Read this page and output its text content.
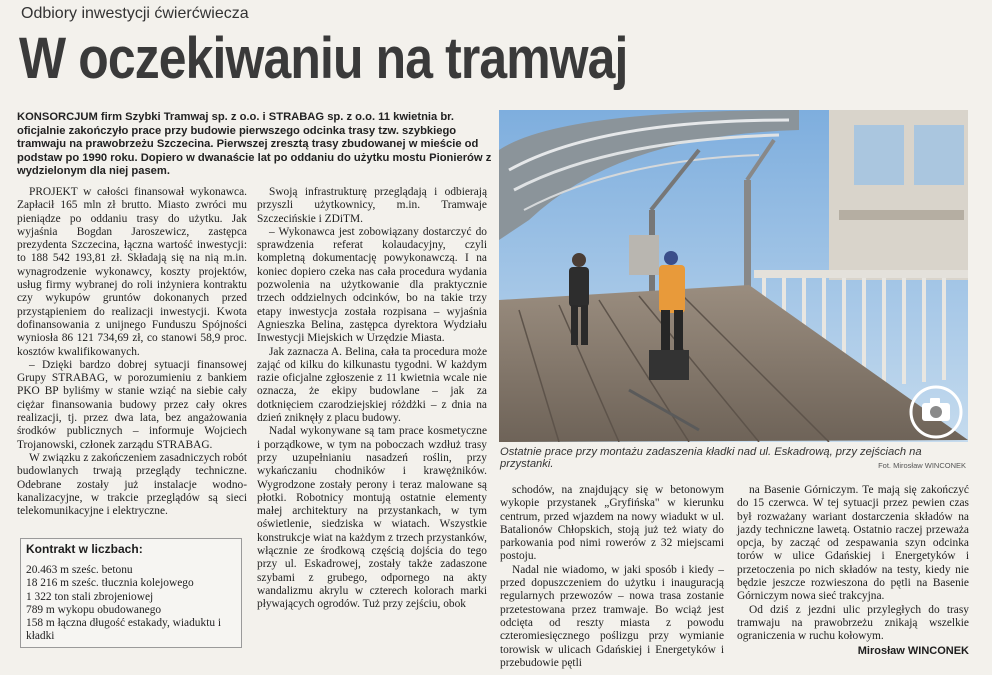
Odbiory inwestycji ćwierćwiecza
W oczekiwaniu na tramwaj

KONSORCJUM firm Szybki Tramwaj sp. z o.o. i STRABAG sp. z o.o. 11 kwietnia br. oficjalnie zakończyło prace przy budowie pierwszego odcinka trasy tzw. szybkiego tramwaju na prawobrzeżu Szczecina. Pierwszej zresztą trasy zbudowanej w mieście od podstaw po 1990 roku. Dopiero w dwanaście lat po oddaniu do użytku mostu Pionierów z wydzielonym dla niej pasem.

PROJEKT w całości finansował wykonawca. Zapłacił 165 mln zł brutto. Miasto zwróci mu pieniądze po oddaniu trasy do użytku. Jak wyjaśnia Bogdan Jaroszewicz, zastępca prezydenta Szczecina, łączna wartość inwestycji: to 188 542 193,81 zł. Składają się na nią m.in. wynagrodzenie wykonawcy, koszty projektów, usług firmy wybranej do roli inżyniera kontraktu czy wykupów gruntów dokonanych przed przystąpieniem do realizacji inwestycji. Kwota dofinansowania z unijnego Funduszu Spójności wyniosła 86 121 734,69 zł, co stanowi 58,9 proc. kosztów kwalifikowanych.

– Dzięki bardzo dobrej sytuacji finansowej Grupy STRABAG, w porozumieniu z bankiem PKO BP byliśmy w stanie wziąć na siebie cały ciężar finansowania budowy przez cały okres realizacji, tj. przez dwa lata, bez angażowania środków publicznych – informuje Wojciech Trojanowski, członek zarządu STRABAG.

W związku z zakończeniem zasadniczych robót budowlanych trwają przeglądy techniczne. Odebrane zostały już instalacje wodno-kanalizacyjne, w trakcie przeglądów są sieci telekomunikacyjne i elektryczne.

Kontrakt w liczbach:

20.463 m sześc. betonu

18 216 m sześc. tłucznia kolejowego

1 322 ton stali zbrojeniowej

789 m wykopu obudowanego

158 m łączna długość estakady, wiaduktu i kładki

Swoją infrastrukturę przeglądają i odbierają przyszli użytkownicy, m.in. Tramwaje Szczecińskie i ZDiTM.

– Wykonawca jest zobowiązany dostarczyć do sprawdzenia referat kolaudacyjny, czyli kompletną dokumentację powykonawczą. I na koniec dopiero czeka nas cała procedura wydania pozwolenia na użytkowanie dla praktycznie trzech oddzielnych odcinków, bo na takie trzy etapy inwestycja została rozpisana – wyjaśnia Agnieszka Belina, zastępca dyrektora Wydziału Inwestycji Miejskich w Urzędzie Miasta.

Jak zaznacza A. Belina, cała ta procedura może zająć od kilku do kilkunastu tygodni. W każdym razie oficjalne zgłoszenie z 11 kwietnia wcale nie oznacza, że ekipy budowlane – jak za dotknięciem czarodziejskiej różdżki – z dnia na dzień zniknęły z placu budowy.

Nadal wykonywane są tam prace kosmetyczne i porządkowe, w tym na poboczach wzdłuż trasy przy uzupełnianiu nasadzeń roślin, przy wykańczaniu chodników i krawężników. Wygrodzone zostały perony i teraz malowane są płotki. Robotnicy montują ostatnie elementy małej architektury na przystankach, w tym oświetlenie, siedziska w wiatach. Wszystkie konstrukcje wiat na każdym z trzech przystanków, włącznie ze środkową częścią dojścia do tego przy ul. Eskadrowej, zostały także zadaszone szybami z grubego, odpornego na akty wandalizmu akrylu w czterech kolorach marki pływających ogrodów. Tuż przy zejściu, obok

Ostatnie prace przy montażu zadaszenia kładki nad ul. Eskadrową, przy zejściach na przystanki.	Fot. Mirosław WINCONEK

schodów, na znajdujący się w betonowym wykopie przystanek „Gryfińska" w kierunku centrum, przed wjazdem na nowy wiadukt w ul. Batalionów Chłopskich, stoją już też wiaty do parkowania pod nimi rowerów z 32 miejscami postoju.

Nadal nie wiadomo, w jaki sposób i kiedy – przed dopuszczeniem do użytku i inauguracją regularnych przewozów – nowa trasa zostanie przetestowana przez tramwaje. Bo wciąż jest odcięta od reszty miasta z powodu czteromiesięcznego poślizgu przy wymianie torowisk w ulicach Gdańskiej i Energetyków i przebudowie pętli

na Basenie Górniczym. Te mają się zakończyć do 15 czerwca. W tej sytuacji przez pewien czas był rozważany wariant dostarczenia składów na jazdy techniczne lawetą. Ostatnio raczej przeważa opcja, by zacząć od zespawania szyn odcinka torów w ulice Gdańskiej i Energetyków i przetoczenia po nich składów na testy, kiedy nie będzie jeszcze rozwieszona do pętli na Basenie Górniczym nowa sieć trakcyjna.

Od dziś z jezdni ulic przyległych do trasy tramwaju na prawobrzeżu znikają wszelkie ograniczenia w ruchu kołowym.

Mirosław WINCONEK
